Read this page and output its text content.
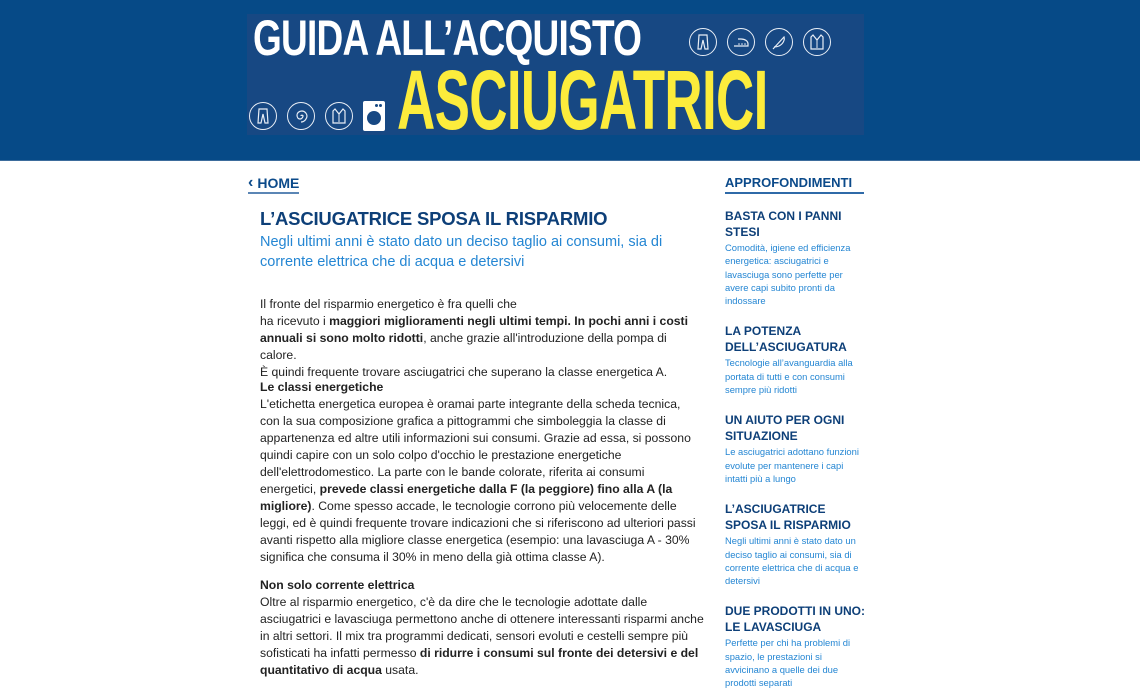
GUIDA ALL’ACQUISTO
ASCIUGATRICI
‹ HOME
L’ASCIUGATRICE SPOSA IL RISPARMIO
Negli ultimi anni è stato dato un deciso taglio ai consumi, sia di corrente elettrica che di acqua e detersivi

Il fronte del risparmio energetico è fra quelli che
ha ricevuto i maggiori miglioramenti negli ultimi tempi. In pochi anni i costi annuali si sono molto ridotti, anche grazie all'introduzione della pompa di calore.
È quindi frequente trovare asciugatrici che superano la classe energetica A.

Le classi energetiche

L'etichetta energetica europea è oramai parte integrante della scheda tecnica, con la sua composizione grafica a pittogrammi che simboleggia la classe di appartenenza ed altre utili informazioni sui consumi. Grazie ad essa, si possono quindi capire con un solo colpo d'occhio le prestazione energetiche dell'elettrodomestico. La parte con le bande colorate, riferita ai consumi energetici, prevede classi energetiche dalla F (la peggiore) fino alla A (la migliore). Come spesso accade, le tecnologie corrono più velocemente delle leggi, ed è quindi frequente trovare indicazioni che si riferiscono ad ulteriori passi avanti rispetto alla migliore classe energetica (esempio: una lavasciuga A - 30% significa che consuma il 30% in meno della già ottima classe A).

Non solo corrente elettrica

Oltre al risparmio energetico, c'è da dire che le tecnologie adottate dalle asciugatrici e lavasciuga permettono anche di ottenere interessanti risparmi anche in altri settori. Il mix tra programmi dedicati, sensori evoluti e cestelli sempre più sofisticati ha infatti permesso di ridurre i consumi sul fronte dei detersivi e del quantitativo di acqua usata.

APPROFONDIMENTI
BASTA CON I PANNI STESI
Comodità, igiene ed efficienza energetica: asciugatrici e lavasciuga sono perfette per avere capi subito pronti da indossare
LA POTENZA DELL’ASCIUGATURA
Tecnologie all’avanguardia alla portata di tutti e con consumi sempre più ridotti
UN AIUTO PER OGNI SITUAZIONE
Le asciugatrici adottano funzioni evolute per mantenere i capi intatti più a lungo
L’ASCIUGATRICE SPOSA IL RISPARMIO
Negli ultimi anni è stato dato un deciso taglio ai consumi, sia di corrente elettrica che di acqua e detersivi
DUE PRODOTTI IN UNO: LE LAVASCIUGA
Perfette per chi ha problemi di spazio, le prestazioni si avvicinano a quelle dei due prodotti separati
